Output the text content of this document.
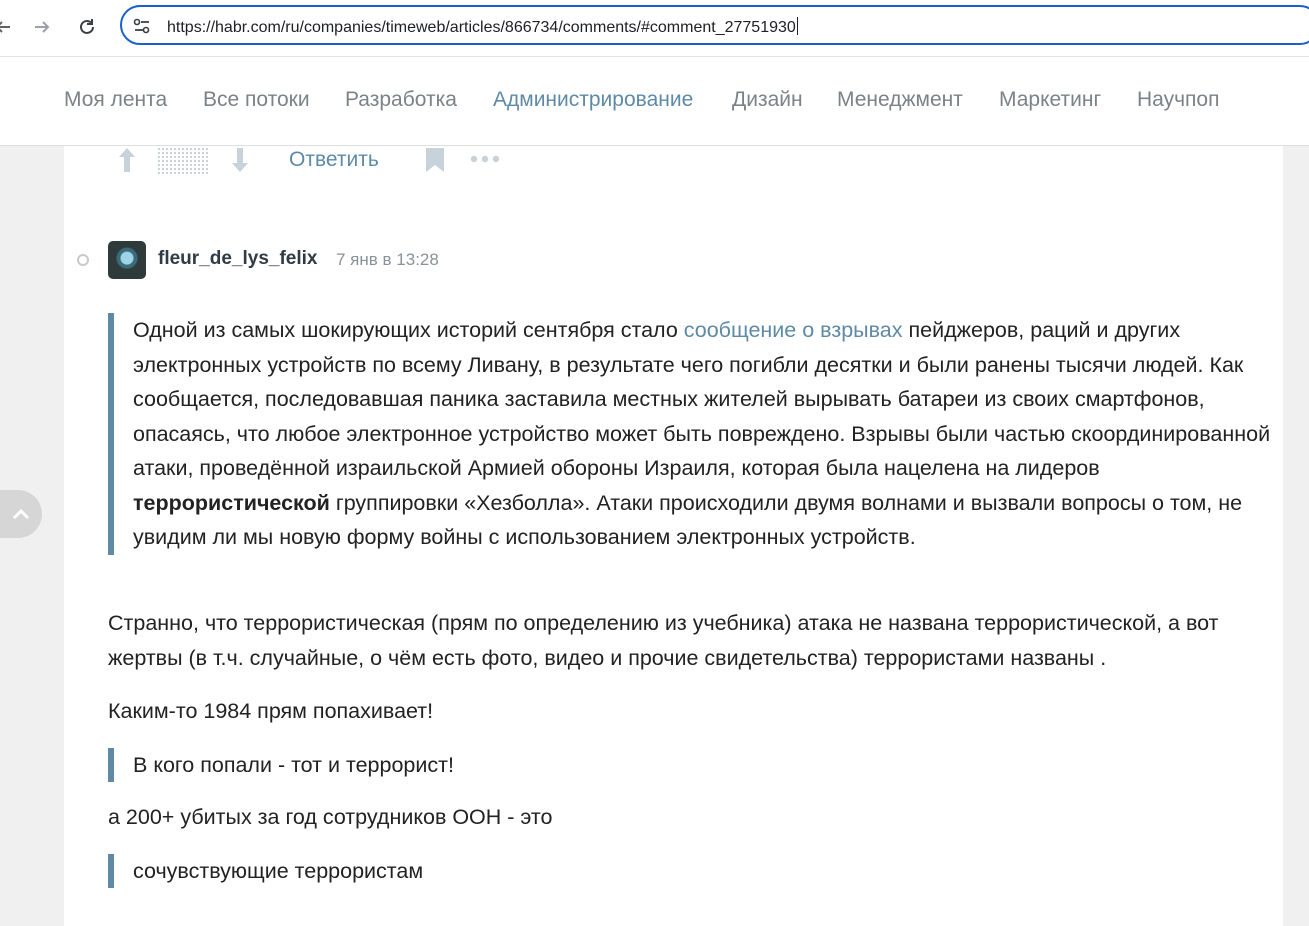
https://habr.com/ru/companies/timeweb/articles/866734/comments/#comment_27751930
Моя лента Все потоки Разработка Администрирование Дизайн Менеджмент Маркетинг Научпоп
Ответить
fleur_de_lys_felix 7 янв в 13:28
Одной из самых шокирующих историй сентября стало сообщение о взрывах пейджеров, раций и других электронных устройств по всему Ливану, в результате чего погибли десятки и были ранены тысячи людей. Как сообщается, последовавшая паника заставила местных жителей вырывать батареи из своих смартфонов, опасаясь, что любое электронное устройство может быть повреждено. Взрывы были частью скоординированной атаки, проведённой израильской Армией обороны Израиля, которая была нацелена на лидеров террористической группировки «Хезболла». Атаки происходили двумя волнами и вызвали вопросы о том, не увидим ли мы новую форму войны с использованием электронных устройств.
Странно, что террористическая (прям по определению из учебника) атака не названа террористической, а вот жертвы (в т.ч. случайные, о чём есть фото, видео и прочие свидетельства) террористами названы .
Каким-то 1984 прям попахивает!
В кого попали - тот и террорист!
а 200+ убитых за год сотрудников ООН - это
сочувствующие террористам
